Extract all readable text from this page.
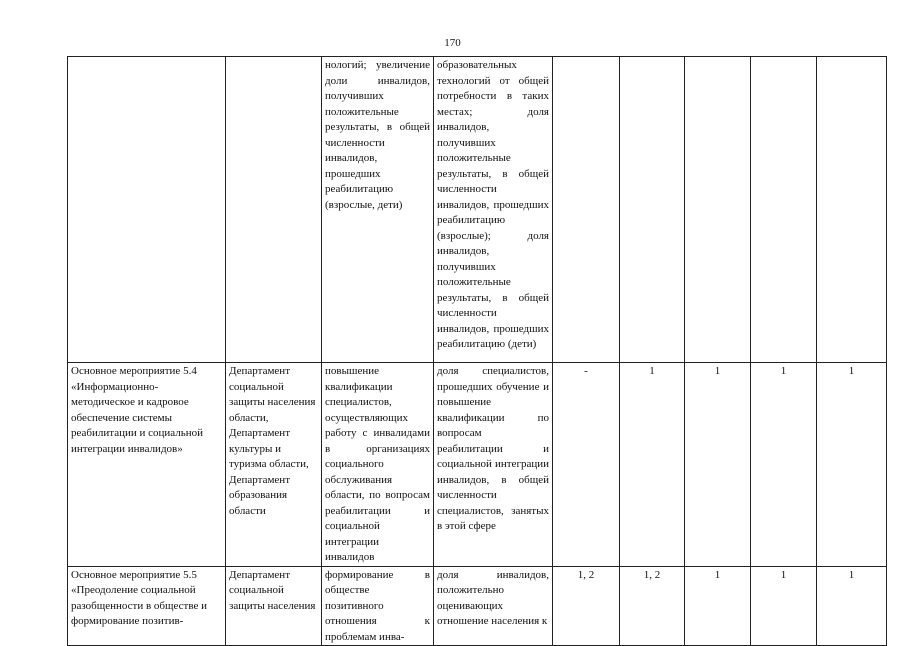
170
		нологий; увеличение доли инвалидов, получивших положительные результаты, в общей численности инвалидов, прошедших реабилитацию (взрослые, дети)	образовательных технологий от общей потребности в таких местах; доля инвалидов, получивших положительные результаты, в общей численности инвалидов, прошедших реабилитацию (взрослые); доля инвалидов, получивших положительные результаты, в общей численности инвалидов, прошедших реабилитацию (дети)					
Основное мероприятие 5.4 «Информационно-методическое и кадровое обеспечение системы реабилитации и социальной интеграции инвалидов»	Департамент социальной защиты населения области, Департамент культуры и туризма области, Департамент образования области	повышение квалификации специалистов, осуществляющих работу с инвалидами в организациях социального обслуживания области, по вопросам реабилитации и социальной интеграции инвалидов	доля специалистов, прошедших обучение и повышение квалификации по вопросам реабилитации и социальной интеграции инвалидов, в общей численности специалистов, занятых в этой сфере	-	1	1	1	1
Основное мероприятие 5.5 «Преодоление социальной разобщенности в обществе и формирование позитив-	Департамент социальной защиты населения	формирование в обществе позитивного отношения к проблемам инва-	доля инвалидов, положительно оценивающих отношение населения к	1, 2	1, 2	1	1	1
